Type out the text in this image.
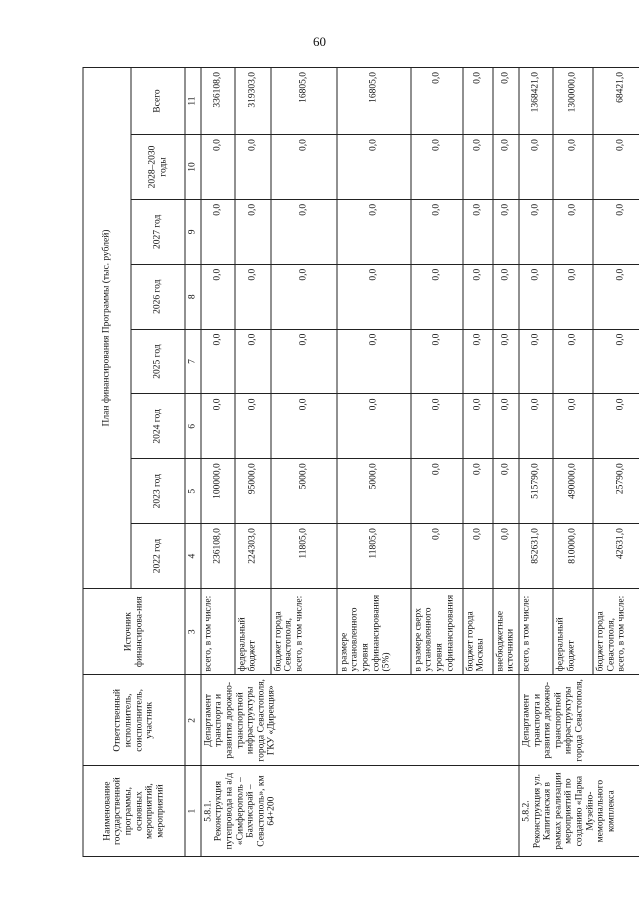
60
Наименование государственной программы, основных мероприятий, мероприятий	Ответственный исполнитель, соисполнитель, участник	Источник финансирова-ния	План финансирования Программы (тыс. рублей)							
			2022 год	2023 год	2024 год	2025 год	2026 год	2027 год	2028–2030 годы	Всего
1	2	3	4	5	6	7	8	9	10	11
5.8.1. Реконструкция путепровода на а/д «Симферополь – Бахчисарай – Севастополь», км 64+200	Департамент транспорта и развития дорожно-транспортной инфраструктуры города Севастополя, ГКУ «Дирекция»	всего, в том числе:	236108,0	100000,0	0,0	0,0	0,0	0,0	0,0	336108,0
		федеральный бюджет	224303,0	95000,0	0,0	0,0	0,0	0,0	0,0	319303,0
		бюджет города Севастополя, всего, в том числе:	11805,0	5000,0	0,0	0,0	0,0	0,0	0,0	16805,0
		в размере установленного уровня софинансирования (5%)	11805,0	5000,0	0,0	0,0	0,0	0,0	0,0	16805,0
		в размере сверх установленного уровня софинансирования	0,0	0,0	0,0	0,0	0,0	0,0	0,0	0,0
		бюджет города Москвы	0,0	0,0	0,0	0,0	0,0	0,0	0,0	0,0
		внебюджетные источники	0,0	0,0	0,0	0,0	0,0	0,0	0,0	0,0
5.8.2. Реконструкция ул. Капитанская в рамках реализации мероприятий по созданию «Парка Музейно-мемориального комплекса	Департамент транспорта и развития дорожно-транспортной инфраструктуры города Севастополя,	всего, в том числе:	852631,0	515790,0	0,0	0,0	0,0	0,0	0,0	1368421,0
		федеральный бюджет	810000,0	490000,0	0,0	0,0	0,0	0,0	0,0	1300000,0
		бюджет города Севастополя, всего, в том числе:	42631,0	25790,0	0,0	0,0	0,0	0,0	0,0	68421,0
